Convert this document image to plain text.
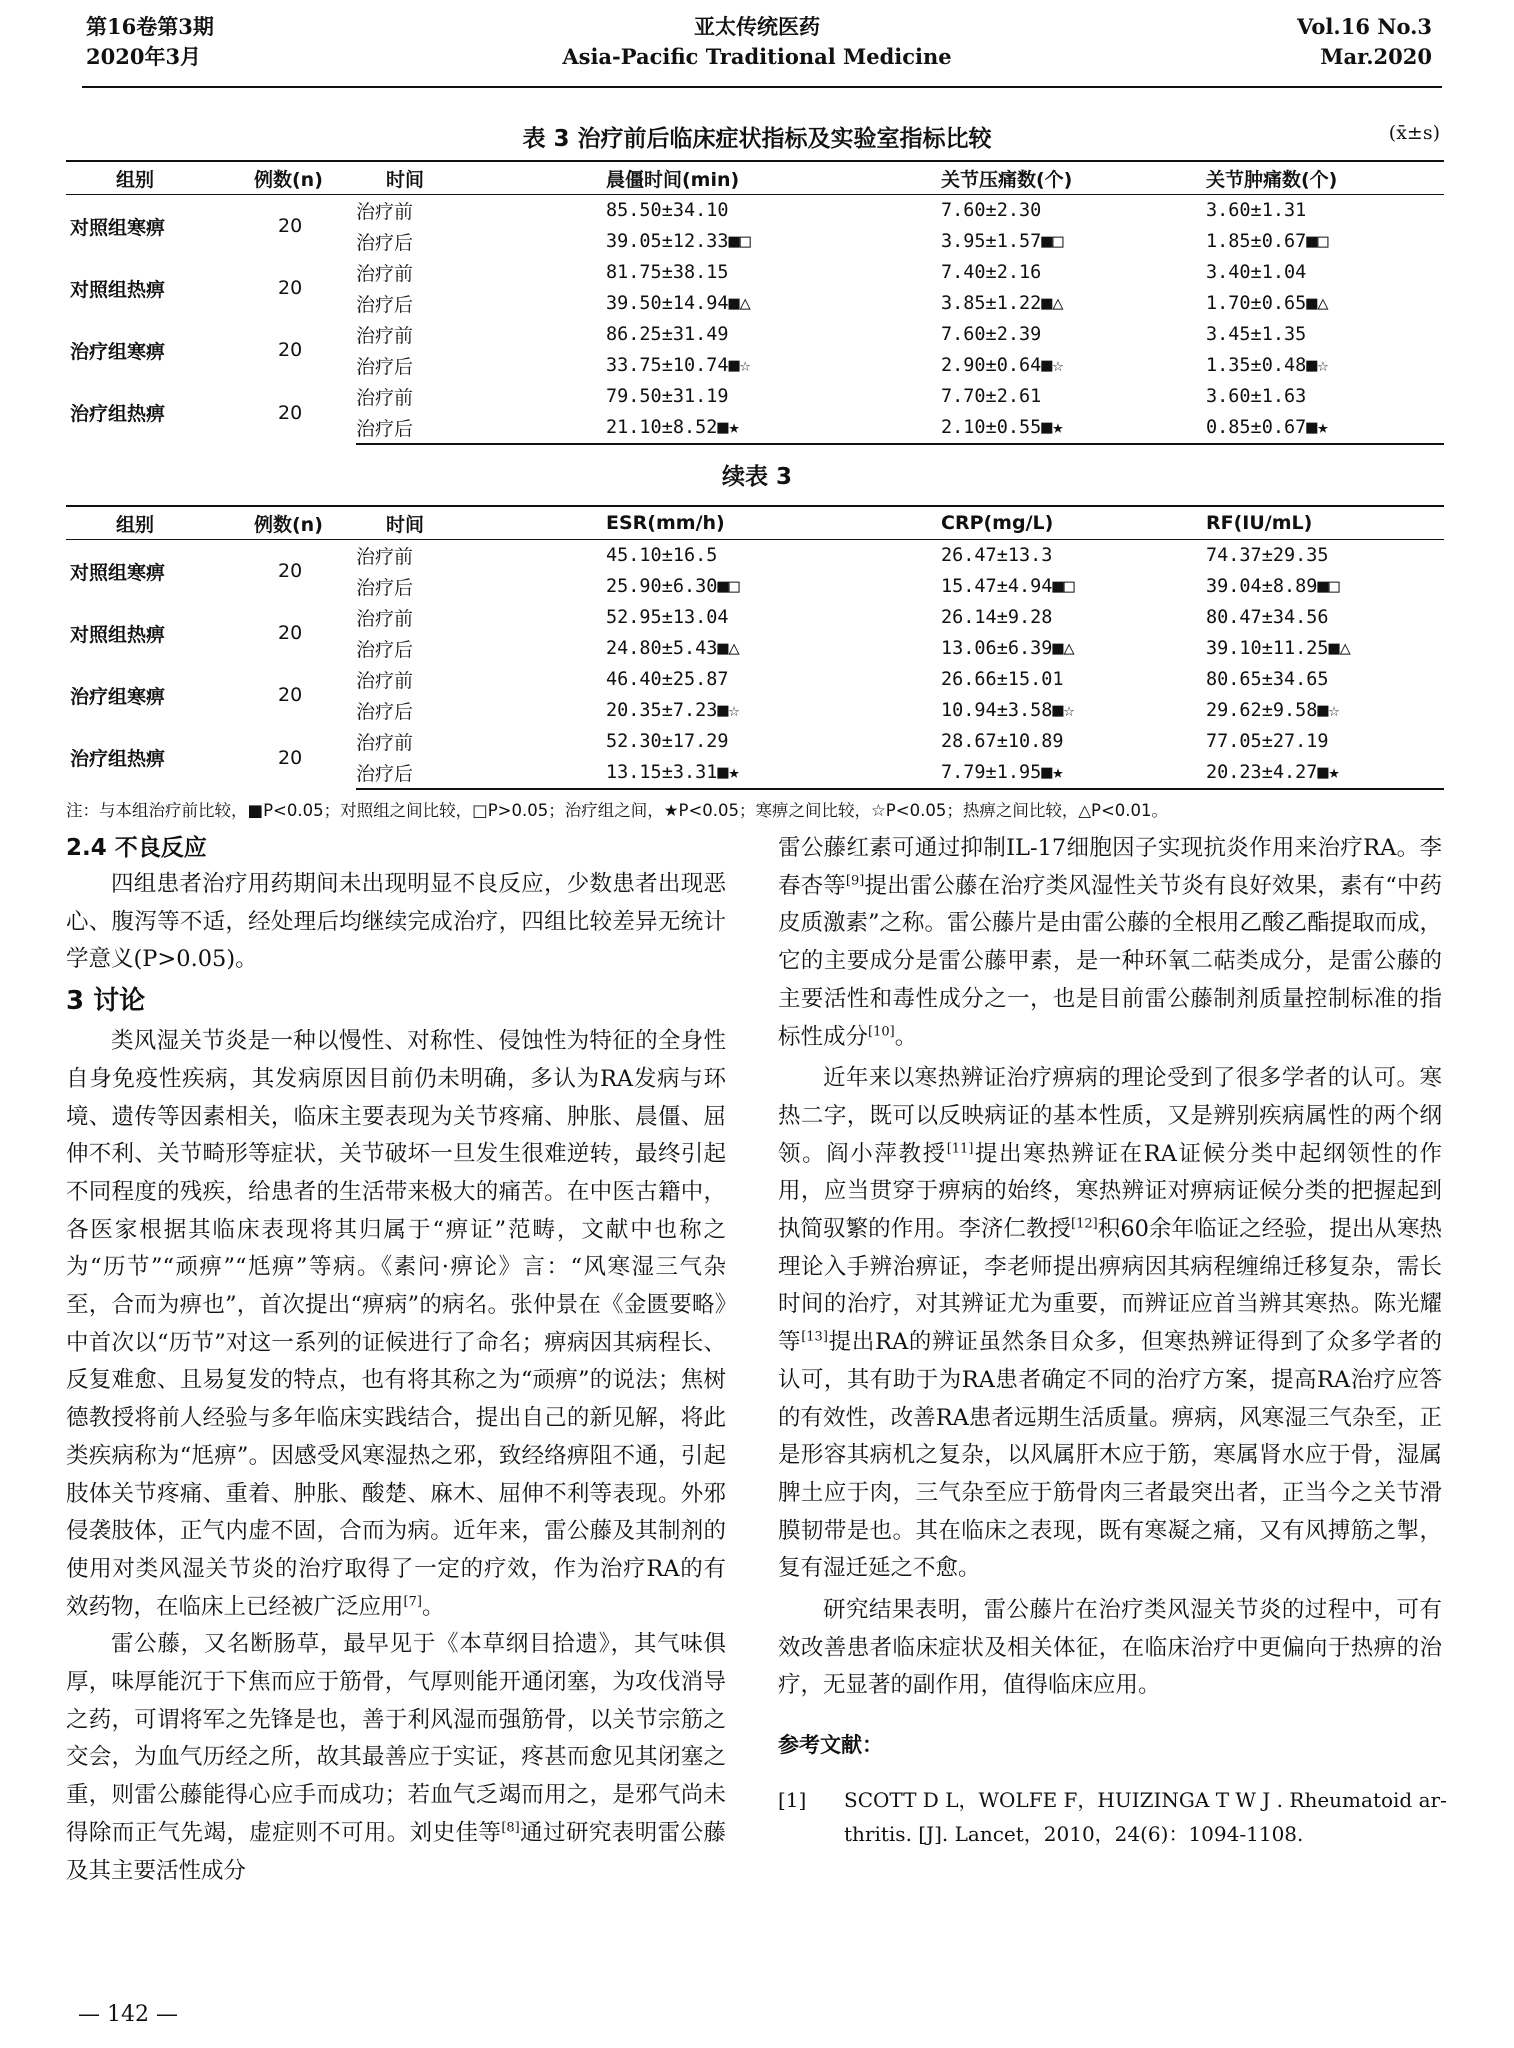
第16卷第3期
2020年3月
亚太传统医药
Asia-Pacific Traditional Medicine
Vol.16 No.3
Mar.2020
表 3 治疗前后临床症状指标及实验室指标比较	(x̄±s)
组别	例数(n)	时间	晨僵时间(min)	关节压痛数(个)	关节肿痛数(个)
对照组寒痹	20	治疗前	85.50±34.10	7.60±2.30	3.60±1.31
		治疗后	39.05±12.33■□	3.95±1.57■□	1.85±0.67■□
对照组热痹	20	治疗前	81.75±38.15	7.40±2.16	3.40±1.04
		治疗后	39.50±14.94■△	3.85±1.22■△	1.70±0.65■△
治疗组寒痹	20	治疗前	86.25±31.49	7.60±2.39	3.45±1.35
		治疗后	33.75±10.74■☆	2.90±0.64■☆	1.35±0.48■☆
治疗组热痹	20	治疗前	79.50±31.19	7.70±2.61	3.60±1.63
		治疗后	21.10±8.52■★	2.10±0.55■★	0.85±0.67■★
续表 3
组别	例数(n)	时间	ESR(mm/h)	CRP(mg/L)	RF(IU/mL)
对照组寒痹	20	治疗前	45.10±16.5	26.47±13.3	74.37±29.35
		治疗后	25.90±6.30■□	15.47±4.94■□	39.04±8.89■□
对照组热痹	20	治疗前	52.95±13.04	26.14±9.28	80.47±34.56
		治疗后	24.80±5.43■△	13.06±6.39■△	39.10±11.25■△
治疗组寒痹	20	治疗前	46.40±25.87	26.66±15.01	80.65±34.65
		治疗后	20.35±7.23■☆	10.94±3.58■☆	29.62±9.58■☆
治疗组热痹	20	治疗前	52.30±17.29	28.67±10.89	77.05±27.19
		治疗后	13.15±3.31■★	7.79±1.95■★	20.23±4.27■★
注：与本组治疗前比较，■P<0.05；对照组之间比较，□P>0.05；治疗组之间，★P<0.05；寒痹之间比较，☆P<0.05；热痹之间比较，△P<0.01。
2.4 不良反应

四组患者治疗用药期间未出现明显不良反应，少数患者出现恶心、腹泻等不适，经处理后均继续完成治疗，四组比较差异无统计学意义(P>0.05)。

3 讨论

类风湿关节炎是一种以慢性、对称性、侵蚀性为特征的全身性自身免疫性疾病，其发病原因目前仍未明确，多认为RA发病与环境、遗传等因素相关，临床主要表现为关节疼痛、肿胀、晨僵、屈伸不利、关节畸形等症状，关节破坏一旦发生很难逆转，最终引起不同程度的残疾，给患者的生活带来极大的痛苦。在中医古籍中，各医家根据其临床表现将其归属于“痹证”范畴，文献中也称之为“历节”“顽痹”“尪痹”等病。《素问·痹论》言：“风寒湿三气杂至，合而为痹也”，首次提出“痹病”的病名。张仲景在《金匮要略》中首次以“历节”对这一系列的证候进行了命名；痹病因其病程长、反复难愈、且易复发的特点，也有将其称之为“顽痹”的说法；焦树德教授将前人经验与多年临床实践结合，提出自己的新见解，将此类疾病称为“尪痹”。因感受风寒湿热之邪，致经络痹阻不通，引起肢体关节疼痛、重着、肿胀、酸楚、麻木、屈伸不利等表现。外邪侵袭肢体，正气内虚不固，合而为病。近年来，雷公藤及其制剂的使用对类风湿关节炎的治疗取得了一定的疗效，作为治疗RA的有效药物，在临床上已经被广泛应用[7]。

雷公藤，又名断肠草，最早见于《本草纲目拾遗》，其气味俱厚，味厚能沉于下焦而应于筋骨，气厚则能开通闭塞，为攻伐消导之药，可谓将军之先锋是也，善于利风湿而强筋骨，以关节宗筋之交会，为血气历经之所，故其最善应于实证，疼甚而愈见其闭塞之重，则雷公藤能得心应手而成功；若血气乏竭而用之，是邪气尚未得除而正气先竭，虚症则不可用。刘史佳等[8]通过研究表明雷公藤及其主要活性成分

雷公藤红素可通过抑制IL-17细胞因子实现抗炎作用来治疗RA。李春杏等[9]提出雷公藤在治疗类风湿性关节炎有良好效果，素有“中药皮质激素”之称。雷公藤片是由雷公藤的全根用乙酸乙酯提取而成，它的主要成分是雷公藤甲素，是一种环氧二萜类成分，是雷公藤的主要活性和毒性成分之一，也是目前雷公藤制剂质量控制标准的指标性成分[10]。

近年来以寒热辨证治疗痹病的理论受到了很多学者的认可。寒热二字，既可以反映病证的基本性质，又是辨别疾病属性的两个纲领。阎小萍教授[11]提出寒热辨证在RA证候分类中起纲领性的作用，应当贯穿于痹病的始终，寒热辨证对痹病证候分类的把握起到执简驭繁的作用。李济仁教授[12]积60余年临证之经验，提出从寒热理论入手辨治痹证，李老师提出痹病因其病程缠绵迁移复杂，需长时间的治疗，对其辨证尤为重要，而辨证应首当辨其寒热。陈光耀等[13]提出RA的辨证虽然条目众多，但寒热辨证得到了众多学者的认可，其有助于为RA患者确定不同的治疗方案，提高RA治疗应答的有效性，改善RA患者远期生活质量。痹病，风寒湿三气杂至，正是形容其病机之复杂，以风属肝木应于筋，寒属肾水应于骨，湿属脾土应于肉，三气杂至应于筋骨肉三者最突出者，正当今之关节滑膜韧带是也。其在临床之表现，既有寒凝之痛，又有风搏筋之掣，复有湿迁延之不愈。

研究结果表明，雷公藤片在治疗类风湿关节炎的过程中，可有效改善患者临床症状及相关体征，在临床治疗中更偏向于热痹的治疗，无显著的副作用，值得临床应用。

参考文献：
[1] SCOTT D L，WOLFE F，HUIZINGA T W J . Rheumatoid ar-
thritis. [J]. Lancet，2010，24(6)：1094-1108.
— 142 —
